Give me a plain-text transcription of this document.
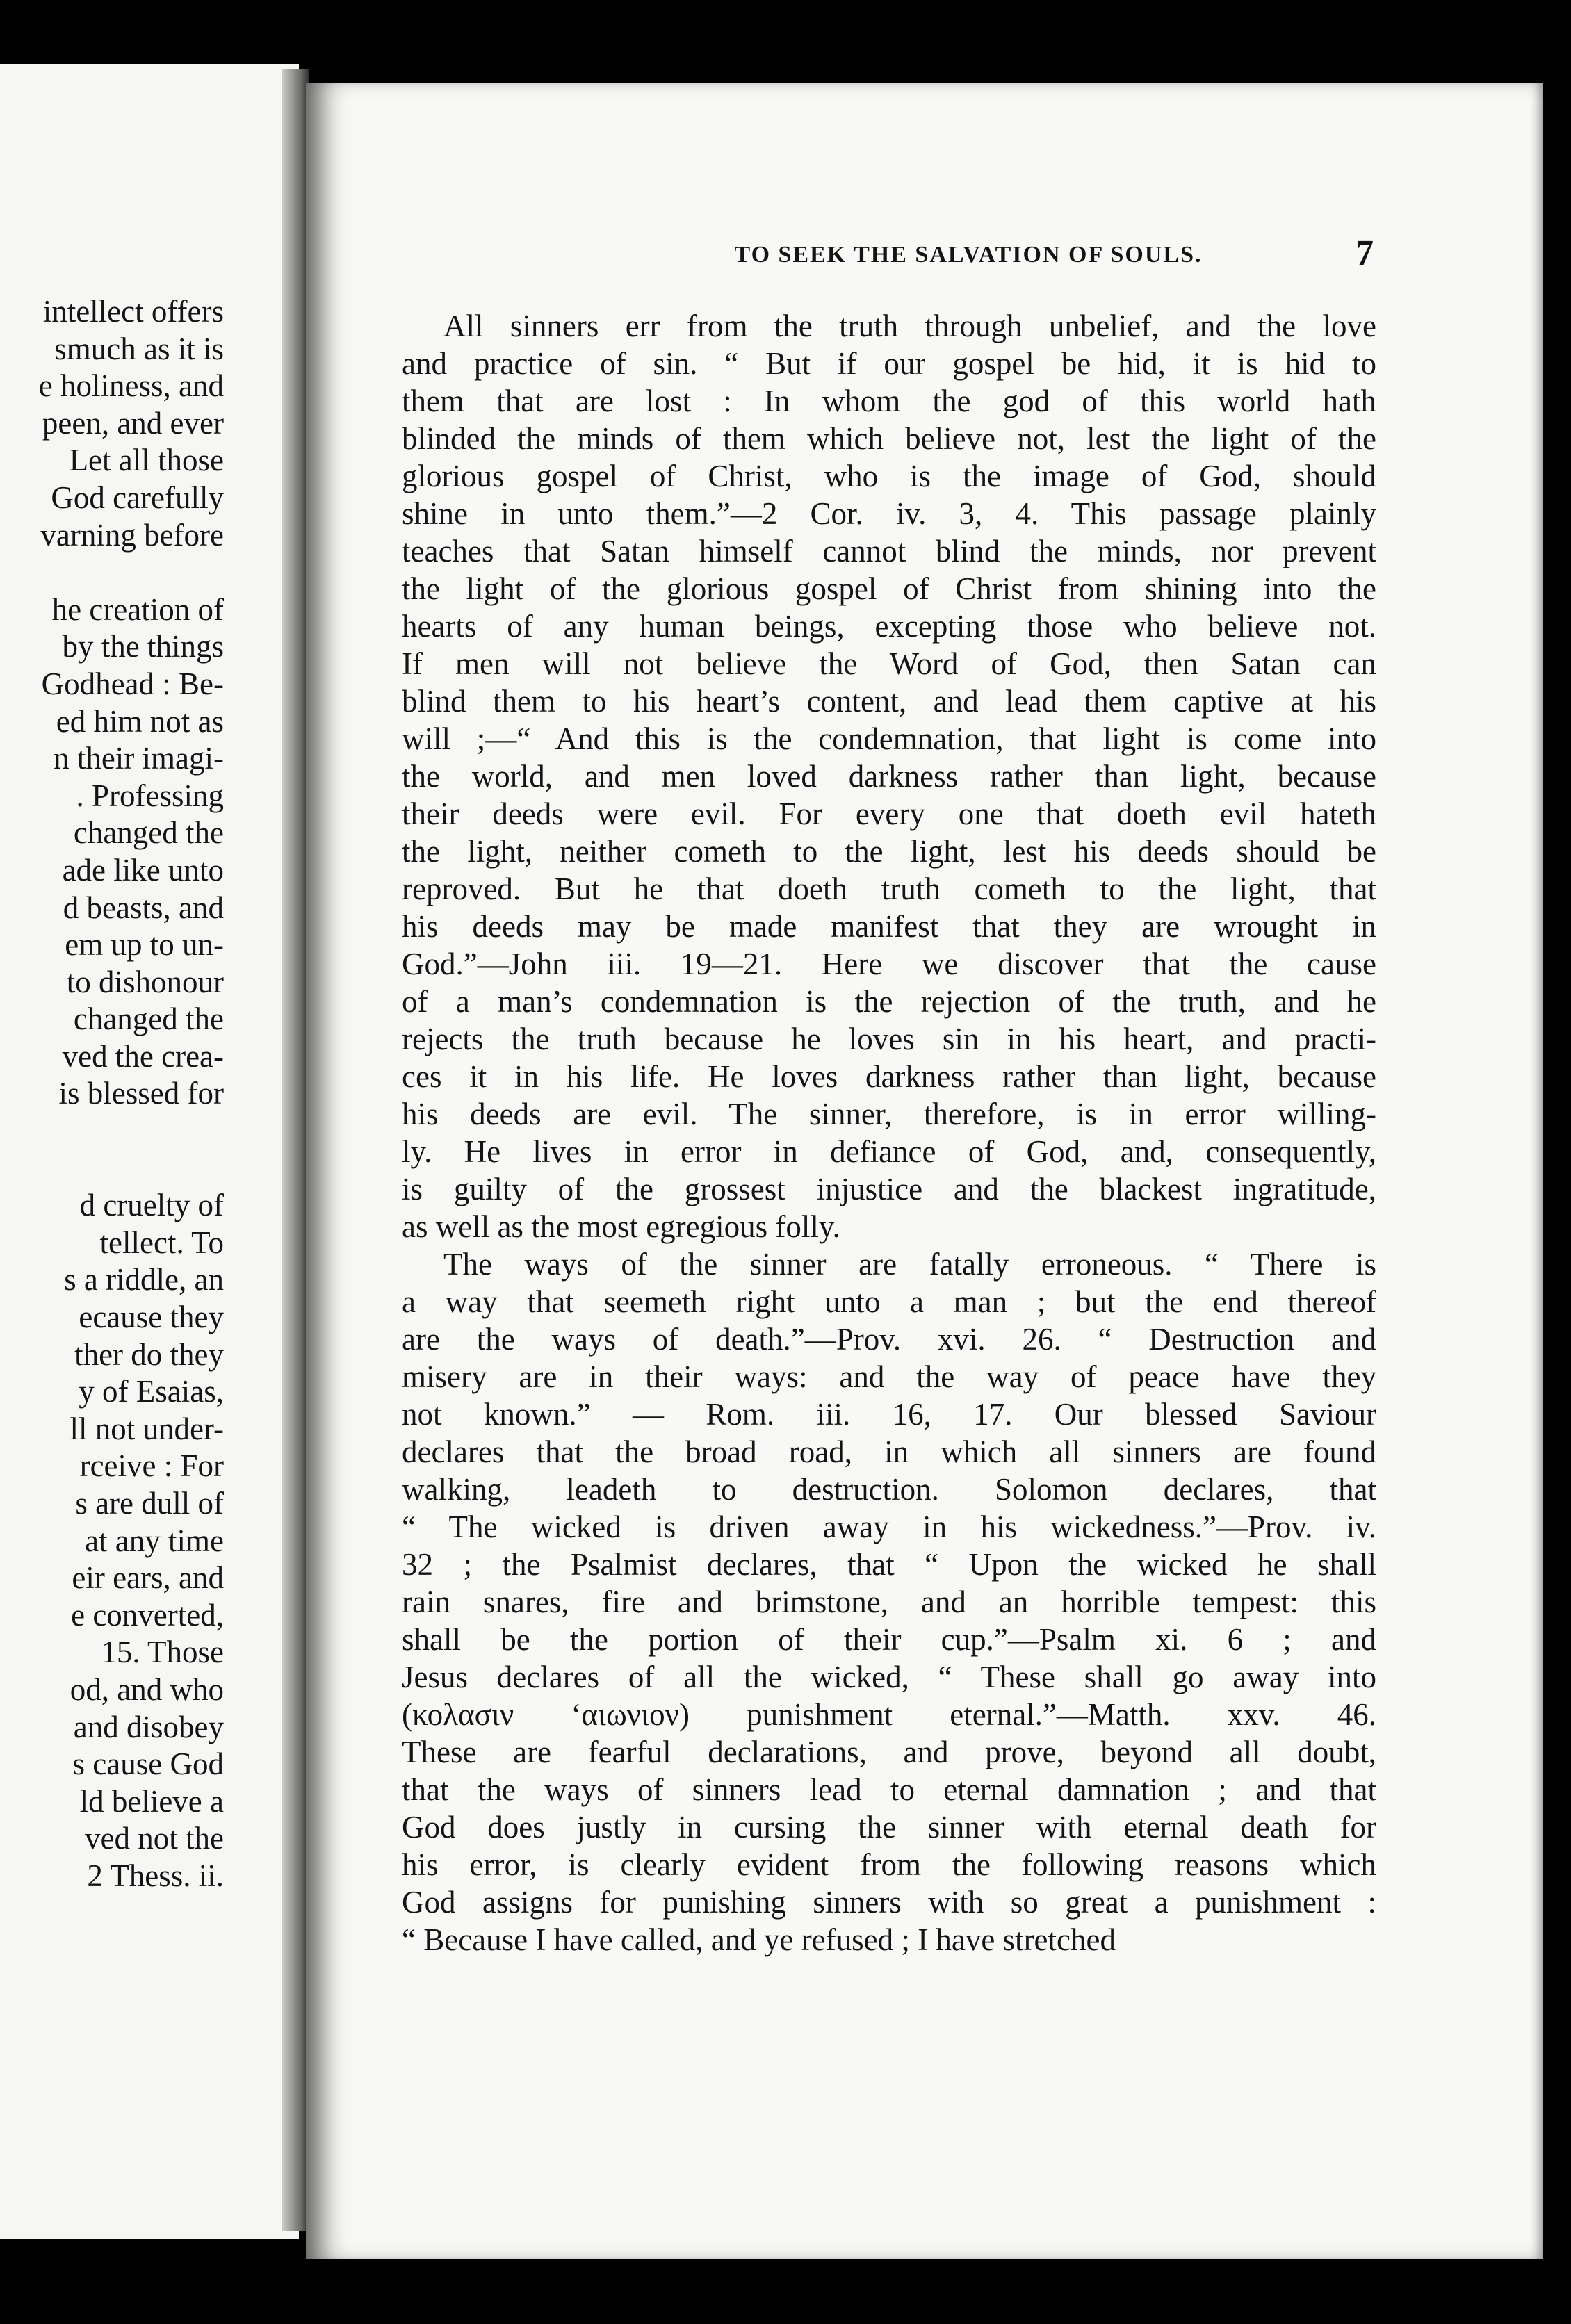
intellect offers
smuch as it is
e holiness, and
peen, and ever
Let all those
God carefully
varning before
he creation of
by the things
Godhead : Be-
ed him not as
n their imagi-
. Professing
changed the
ade like unto
d beasts, and
em up to un-
to dishonour
changed the
ved the crea-
is blessed for
d cruelty of
tellect. To
s a riddle, an
ecause they
ther do they
y of Esaias,
ll not under-
rceive : For
s are dull of
at any time
eir ears, and
e converted,
15. Those
od, and who
and disobey
s cause God
ld believe a
ved not the
2 Thess. ii.
TO SEEK THE SALVATION OF SOULS.	7
All sinners err from the truth through unbelief, and the love
and practice of sin. “ But if our gospel be hid, it is hid to
them that are lost : In whom the god of this world hath
blinded the minds of them which believe not, lest the light of the
glorious gospel of Christ, who is the image of God, should
shine in unto them.”—2 Cor. iv. 3, 4. This passage plainly
teaches that Satan himself cannot blind the minds, nor prevent
the light of the glorious gospel of Christ from shining into the
hearts of any human beings, excepting those who believe not.
If men will not believe the Word of God, then Satan can
blind them to his heart’s content, and lead them captive at his
will ;—“ And this is the condemnation, that light is come into
the world, and men loved darkness rather than light, because
their deeds were evil. For every one that doeth evil hateth
the light, neither cometh to the light, lest his deeds should be
reproved. But he that doeth truth cometh to the light, that
his deeds may be made manifest that they are wrought in
God.”—John iii. 19—21. Here we discover that the cause
of a man’s condemnation is the rejection of the truth, and he
rejects the truth because he loves sin in his heart, and practi-
ces it in his life. He loves darkness rather than light, because
his deeds are evil. The sinner, therefore, is in error willing-
ly. He lives in error in defiance of God, and, consequently,
is guilty of the grossest injustice and the blackest ingratitude,
as well as the most egregious folly.
The ways of the sinner are fatally erroneous. “ There is
a way that seemeth right unto a man ; but the end thereof
are the ways of death.”—Prov. xvi. 26. “ Destruction and
misery are in their ways: and the way of peace have they
not known.” — Rom. iii. 16, 17. Our blessed Saviour
declares that the broad road, in which all sinners are found
walking, leadeth to destruction. Solomon declares, that
“ The wicked is driven away in his wickedness.”—Prov. iv.
32 ; the Psalmist declares, that “ Upon the wicked he shall
rain snares, fire and brimstone, and an horrible tempest: this
shall be the portion of their cup.”—Psalm xi. 6 ; and
Jesus declares of all the wicked, “ These shall go away into
(κολασιν ‘αιωνιον) punishment eternal.”—Matth. xxv. 46.
These are fearful declarations, and prove, beyond all doubt,
that the ways of sinners lead to eternal damnation ; and that
God does justly in cursing the sinner with eternal death for
his error, is clearly evident from the following reasons which
God assigns for punishing sinners with so great a punishment :
“ Because I have called, and ye refused ; I have stretched
